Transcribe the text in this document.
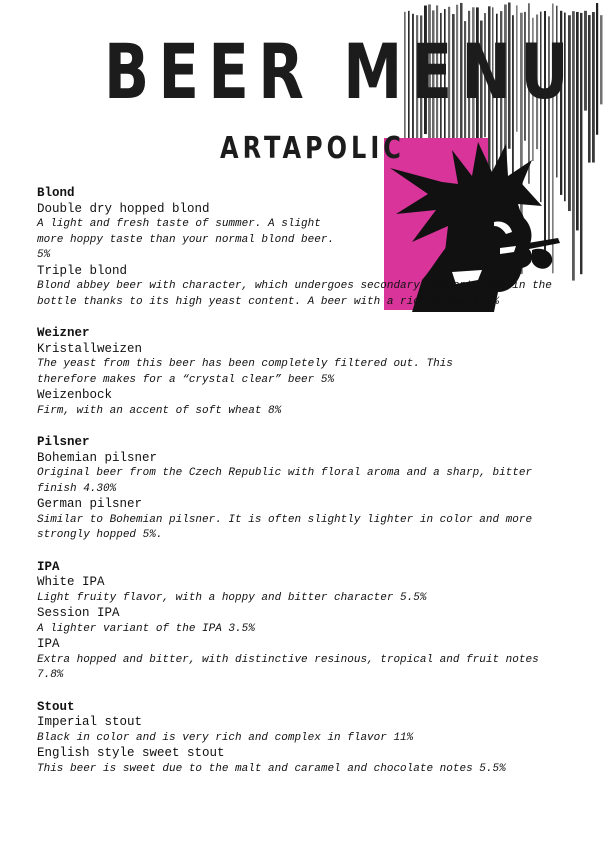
BEER MENU
ARTAPOLIC

Blond

Double dry hopped blond

A light and fresh taste of summer. A slight more hoppy taste than your normal blond beer. 5%

Triple blond

Blond abbey beer with character, which undergoes secondary fermentation in the bottle thanks to its high yeast content. A beer with a rich aroma 8.5%

Weizner

Kristallweizen

The yeast from this beer has been completely filtered out. This therefore makes for a “crystal clear” beer 5%

Weizenbock

Firm, with an accent of soft wheat 8%

Pilsner

Bohemian pilsner

Original beer from the Czech Republic with floral aroma and a sharp, bitter finish 4.30%

German pilsner

Similar to Bohemian pilsner. It is often slightly lighter in color and more strongly hopped 5%.

IPA

White IPA

Light fruity flavor, with a hoppy and bitter character 5.5%

Session IPA

A lighter variant of the IPA 3.5%

IPA

Extra hopped and bitter, with distinctive resinous, tropical and fruit notes 7.8%

Stout

Imperial stout

Black in color and is very rich and complex in flavor 11%

English style sweet stout

This beer is sweet due to the malt and caramel and chocolate notes 5.5%
